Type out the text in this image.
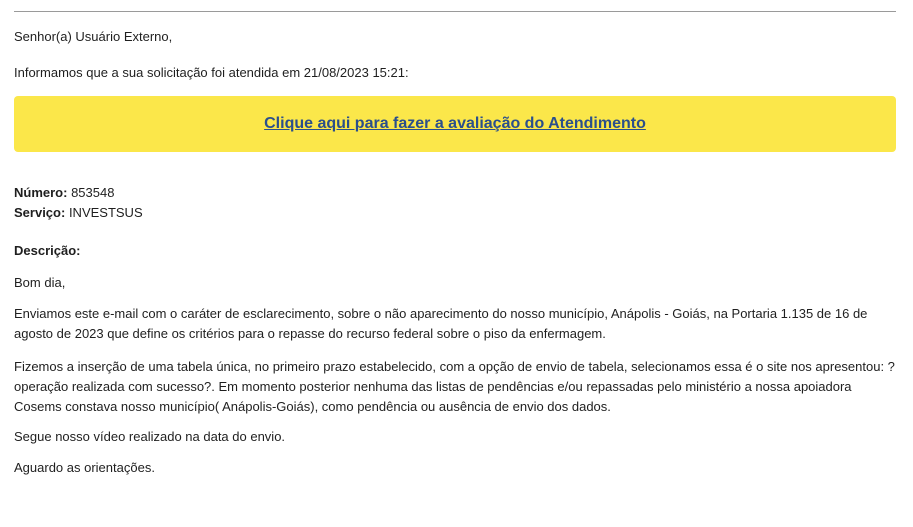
Senhor(a) Usuário Externo,
Informamos que a sua solicitação foi atendida em 21/08/2023 15:21:
Clique aqui para fazer a avaliação do Atendimento
Número: 853548
Serviço: INVESTSUS
Descrição:
Bom dia,
Enviamos este e-mail com o caráter de esclarecimento, sobre o não aparecimento do nosso município, Anápolis - Goiás, na Portaria 1.135 de 16 de
agosto de 2023 que define os critérios para o repasse do recurso federal sobre o piso da enfermagem.
Fizemos a inserção de uma tabela única, no primeiro prazo estabelecido, com a opção de envio de tabela, selecionamos essa é o site nos apresentou: ?
operação realizada com sucesso?. Em momento posterior nenhuma das listas de pendências e/ou repassadas pelo ministério a nossa apoiadora
Cosems constava nosso município( Anápolis-Goiás), como pendência ou ausência de envio dos dados.
Segue nosso vídeo realizado na data do envio.
Aguardo as orientações.
